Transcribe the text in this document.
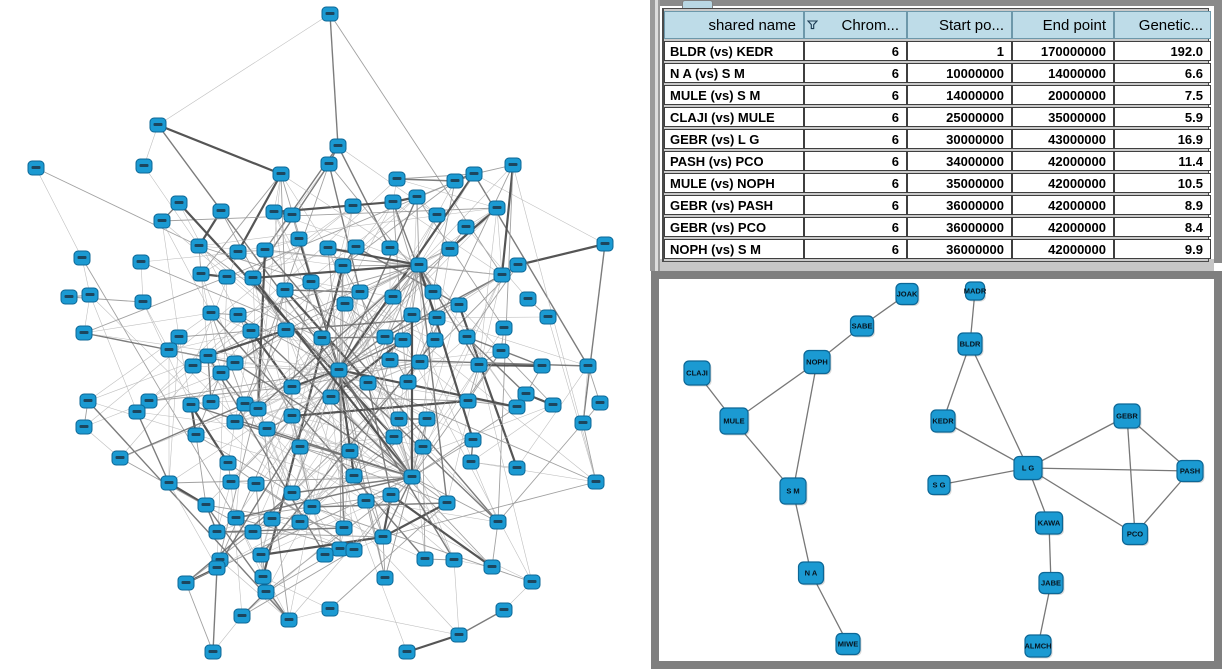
shared name	Chrom...	Start po...	End point	Genetic...

BLDR (vs) KEDR	6	1	170000000	192.0
N A (vs) S M	6	10000000	14000000	6.6
MULE (vs) S M	6	14000000	20000000	7.5
CLAJI (vs) MULE	6	25000000	35000000	5.9
GEBR (vs) L G	6	30000000	43000000	16.9
PASH (vs) PCO	6	34000000	42000000	11.4
MULE (vs) NOPH	6	35000000	42000000	10.5
GEBR (vs) PASH	6	36000000	42000000	8.9
GEBR (vs) PCO	6	36000000	42000000	8.4
NOPH (vs) S M	6	36000000	42000000	9.9
JOAK	MADR
SABE
BLDR
NOPH
CLAJI
MULE	KEDR
GEBR
L G
S G
PASH
S M
KAWA
PCO
N A
JABE
MIWE	ALMCH
